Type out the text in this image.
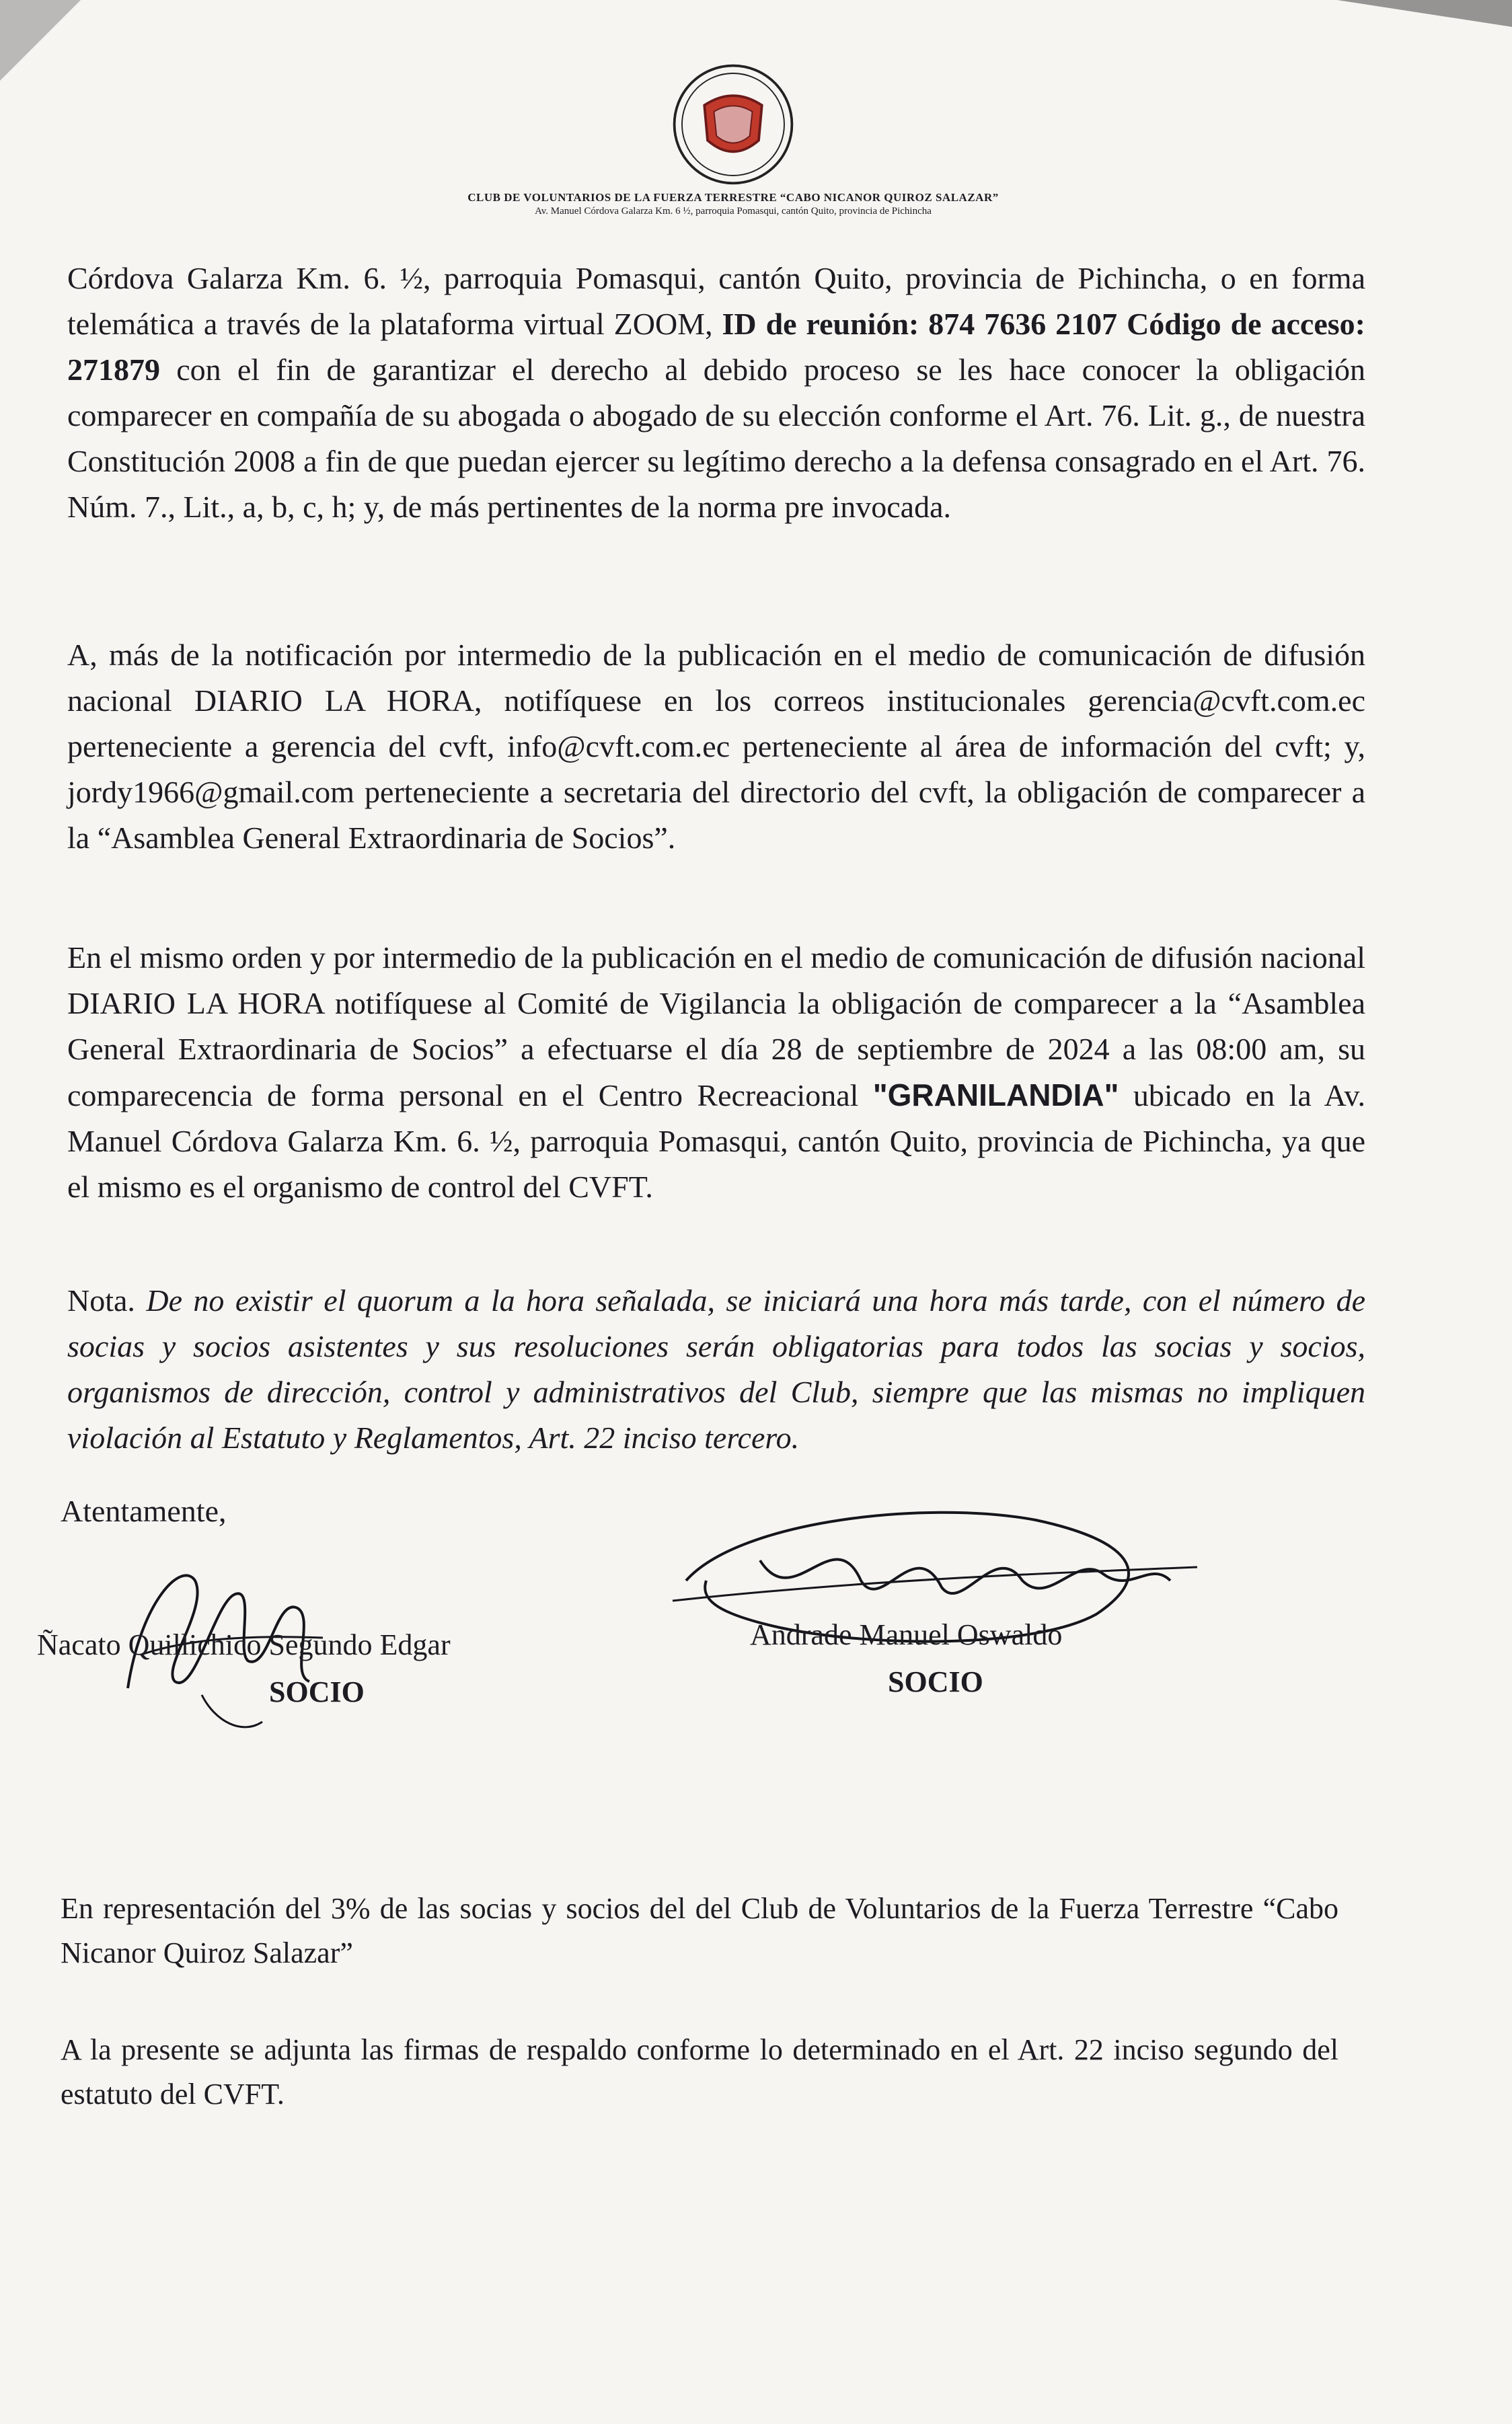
CLUB DE VOLUNTARIOS DE LA FUERZA TERRESTRE “CABO NICANOR QUIROZ SALAZAR”
Av. Manuel Córdova Galarza Km. 6 ½, parroquia Pomasqui, cantón Quito, provincia de Pichincha
Córdova Galarza Km. 6. ½, parroquia Pomasqui, cantón Quito, provincia de Pichincha, o en forma telemática a través de la plataforma virtual ZOOM, ID de reunión: 874 7636 2107 Código de acceso: 271879 con el fin de garantizar el derecho al debido proceso se les hace conocer la obligación comparecer en compañía de su abogada o abogado de su elección conforme el Art. 76. Lit. g., de nuestra Constitución 2008 a fin de que puedan ejercer su legítimo derecho a la defensa consagrado en el Art. 76. Núm. 7., Lit., a, b, c, h; y, de más pertinentes de la norma pre invocada.
A, más de la notificación por intermedio de la publicación en el medio de comunicación de difusión nacional DIARIO LA HORA, notifíquese en los correos institucionales gerencia@cvft.com.ec perteneciente a gerencia del cvft, info@cvft.com.ec perteneciente al área de información del cvft; y, jordy1966@gmail.com perteneciente a secretaria del directorio del cvft, la obligación de comparecer a la “Asamblea General Extraordinaria de Socios”.
En el mismo orden y por intermedio de la publicación en el medio de comunicación de difusión nacional DIARIO LA HORA notifíquese al Comité de Vigilancia la obligación de comparecer a la “Asamblea General Extraordinaria de Socios” a efectuarse el día 28 de septiembre de 2024 a las 08:00 am, su comparecencia de forma personal en el Centro Recreacional "GRANILANDIA" ubicado en la Av. Manuel Córdova Galarza Km. 6. ½, parroquia Pomasqui, cantón Quito, provincia de Pichincha, ya que el mismo es el organismo de control del CVFT.
Nota. De no existir el quorum a la hora señalada, se iniciará una hora más tarde, con el número de socias y socios asistentes y sus resoluciones serán obligatorias para todos las socias y socios, organismos de dirección, control y administrativos del Club, siempre que las mismas no impliquen violación al Estatuto y Reglamentos, Art. 22 inciso tercero.
Atentamente,
Ñacato Quillichico Segundo Edgar
SOCIO
Andrade Manuel Oswaldo
SOCIO
En representación del 3% de las socias y socios del del Club de Voluntarios de la Fuerza Terrestre “Cabo Nicanor Quiroz Salazar”
A la presente se adjunta las firmas de respaldo conforme lo determinado en el Art. 22 inciso segundo del estatuto del CVFT.
